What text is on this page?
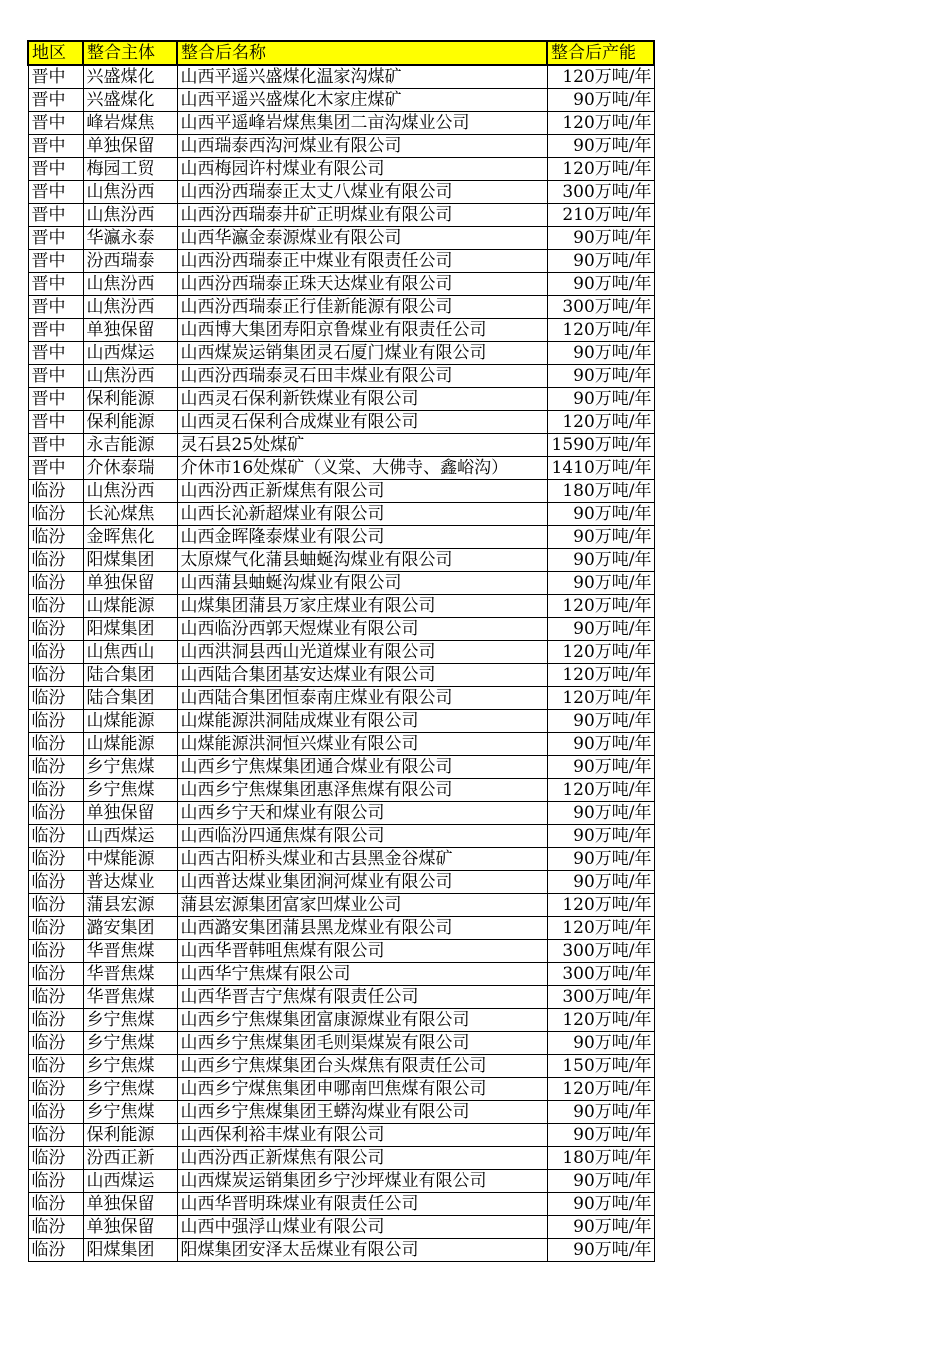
地区	整合主体	整合后名称	整合后产能
晋中	兴盛煤化	山西平遥兴盛煤化温家沟煤矿	120万吨/年
晋中	兴盛煤化	山西平遥兴盛煤化木家庄煤矿	90万吨/年
晋中	峰岩煤焦	山西平遥峰岩煤焦集团二亩沟煤业公司	120万吨/年
晋中	单独保留	山西瑞泰西沟河煤业有限公司	90万吨/年
晋中	梅园工贸	山西梅园许村煤业有限公司	120万吨/年
晋中	山焦汾西	山西汾西瑞泰正太丈八煤业有限公司	300万吨/年
晋中	山焦汾西	山西汾西瑞泰井矿正明煤业有限公司	210万吨/年
晋中	华瀛永泰	山西华瀛金泰源煤业有限公司	90万吨/年
晋中	汾西瑞泰	山西汾西瑞泰正中煤业有限责任公司	90万吨/年
晋中	山焦汾西	山西汾西瑞泰正珠天达煤业有限公司	90万吨/年
晋中	山焦汾西	山西汾西瑞泰正行佳新能源有限公司	300万吨/年
晋中	单独保留	山西博大集团寿阳京鲁煤业有限责任公司	120万吨/年
晋中	山西煤运	山西煤炭运销集团灵石厦门煤业有限公司	90万吨/年
晋中	山焦汾西	山西汾西瑞泰灵石田丰煤业有限公司	90万吨/年
晋中	保利能源	山西灵石保利新铁煤业有限公司	90万吨/年
晋中	保利能源	山西灵石保利合成煤业有限公司	120万吨/年
晋中	永吉能源	灵石县25处煤矿	1590万吨/年
晋中	介休泰瑞	介休市16处煤矿（义棠、大佛寺、鑫峪沟）	1410万吨/年
临汾	山焦汾西	山西汾西正新煤焦有限公司	180万吨/年
临汾	长沁煤焦	山西长沁新超煤业有限公司	90万吨/年
临汾	金晖焦化	山西金晖隆泰煤业有限公司	90万吨/年
临汾	阳煤集团	太原煤气化蒲县蚰蜒沟煤业有限公司	90万吨/年
临汾	单独保留	山西蒲县蚰蜒沟煤业有限公司	90万吨/年
临汾	山煤能源	山煤集团蒲县万家庄煤业有限公司	120万吨/年
临汾	阳煤集团	山西临汾西郭天煜煤业有限公司	90万吨/年
临汾	山焦西山	山西洪洞县西山光道煤业有限公司	120万吨/年
临汾	陆合集团	山西陆合集团基安达煤业有限公司	120万吨/年
临汾	陆合集团	山西陆合集团恒泰南庄煤业有限公司	120万吨/年
临汾	山煤能源	山煤能源洪洞陆成煤业有限公司	90万吨/年
临汾	山煤能源	山煤能源洪洞恒兴煤业有限公司	90万吨/年
临汾	乡宁焦煤	山西乡宁焦煤集团通合煤业有限公司	90万吨/年
临汾	乡宁焦煤	山西乡宁焦煤集团惠泽焦煤有限公司	120万吨/年
临汾	单独保留	山西乡宁天和煤业有限公司	90万吨/年
临汾	山西煤运	山西临汾四通焦煤有限公司	90万吨/年
临汾	中煤能源	山西古阳桥头煤业和古县黑金谷煤矿	90万吨/年
临汾	普达煤业	山西普达煤业集团涧河煤业有限公司	90万吨/年
临汾	蒲县宏源	蒲县宏源集团富家凹煤业公司	120万吨/年
临汾	潞安集团	山西潞安集团蒲县黑龙煤业有限公司	120万吨/年
临汾	华晋焦煤	山西华晋韩咀焦煤有限公司	300万吨/年
临汾	华晋焦煤	山西华宁焦煤有限公司	300万吨/年
临汾	华晋焦煤	山西华晋吉宁焦煤有限责任公司	300万吨/年
临汾	乡宁焦煤	山西乡宁焦煤集团富康源煤业有限公司	120万吨/年
临汾	乡宁焦煤	山西乡宁焦煤集团毛则渠煤炭有限公司	90万吨/年
临汾	乡宁焦煤	山西乡宁焦煤集团台头煤焦有限责任公司	150万吨/年
临汾	乡宁焦煤	山西乡宁煤焦集团申哪南凹焦煤有限公司	120万吨/年
临汾	乡宁焦煤	山西乡宁焦煤集团王蟒沟煤业有限公司	90万吨/年
临汾	保利能源	山西保利裕丰煤业有限公司	90万吨/年
临汾	汾西正新	山西汾西正新煤焦有限公司	180万吨/年
临汾	山西煤运	山西煤炭运销集团乡宁沙坪煤业有限公司	90万吨/年
临汾	单独保留	山西华晋明珠煤业有限责任公司	90万吨/年
临汾	单独保留	山西中强浮山煤业有限公司	90万吨/年
临汾	阳煤集团	阳煤集团安泽太岳煤业有限公司	90万吨/年
